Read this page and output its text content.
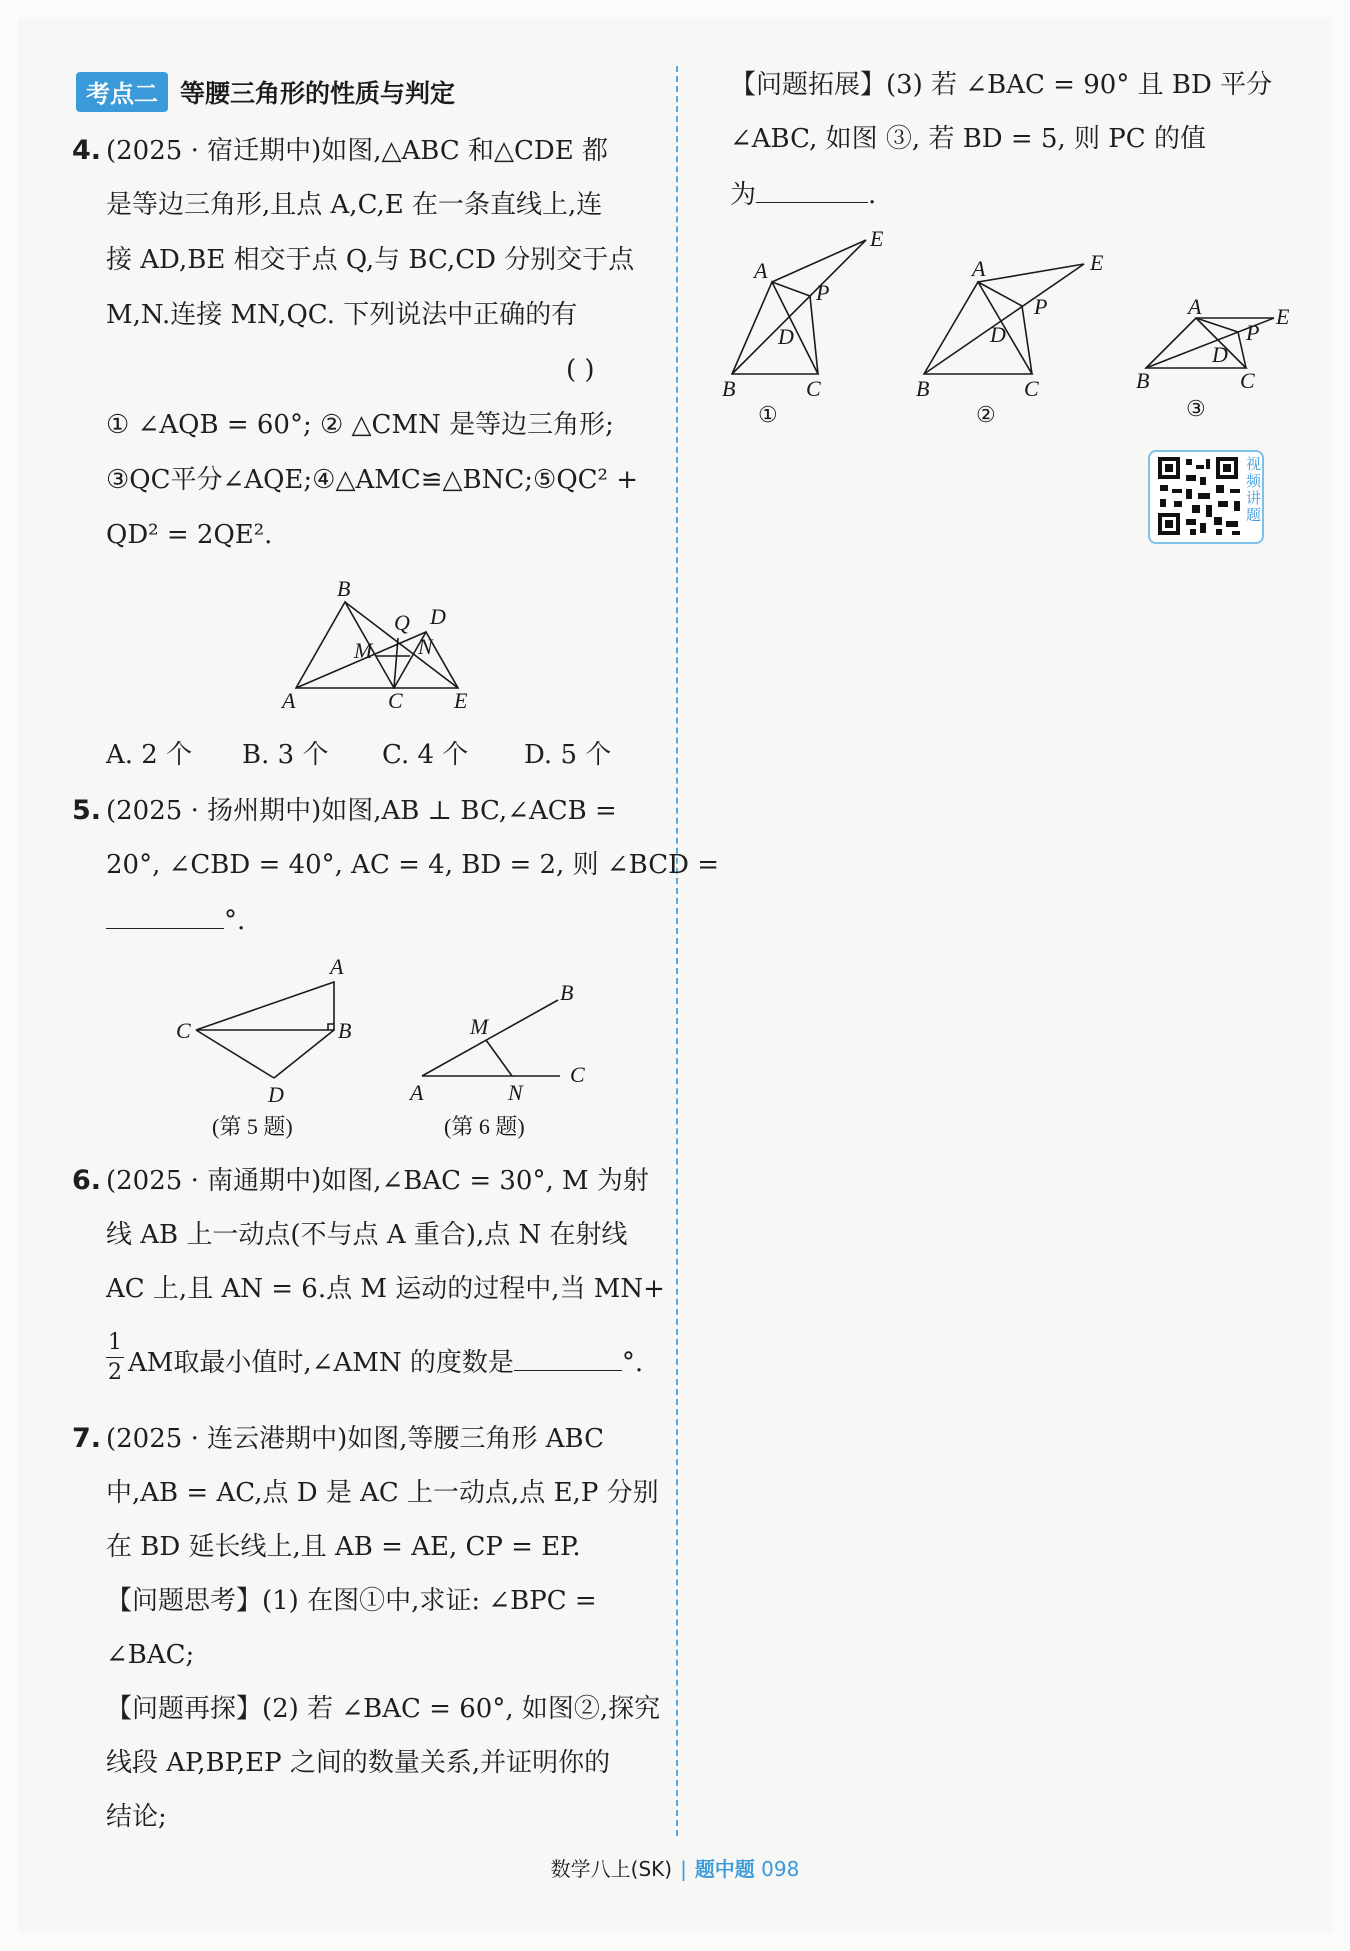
考点二 等腰三角形的性质与判定
4. (2025 · 宿迁期中)如图,△ABC 和△CDE 都
是等边三角形,且点 A,C,E 在一条直线上,连
接 AD,BE 相交于点 Q,与 BC,CD 分别交于点
M,N.连接 MN,QC. 下列说法中正确的有
( )
① ∠AQB = 60°; ② △CMN 是等边三角形;
③QC平分∠AQE;④△AMC≌△BNC;⑤QC² +
QD² = 2QE².
B
Q D
M N
A	C E
A. 2 个 B. 3 个 C. 4 个 D. 5 个
5. (2025 · 扬州期中)如图,AB ⊥ BC,∠ACB =
20°, ∠CBD = 40°, AC = 4, BD = 2, 则 ∠BCD =
°.
A
C	B
D
(第 5 题)
B
M
C
A	N
(第 6 题)
6. (2025 · 南通期中)如图,∠BAC = 30°, M 为射
线 AB 上一动点(不与点 A 重合),点 N 在射线
AC 上,且 AN = 6.点 M 运动的过程中,当 MN+
1
2 AM取最小值时,∠AMN 的度数是	°.
7. (2025 · 连云港期中)如图,等腰三角形 ABC
中,AB = AC,点 D 是 AC 上一动点,点 E,P 分别
在 BD 延长线上,且 AB = AE, CP = EP.
【问题思考】(1) 在图①中,求证: ∠BPC =
∠BAC;
【问题再探】(2) 若 ∠BAC = 60°, 如图②,探究
线段 AP,BP,EP 之间的数量关系,并证明你的
结论;
【问题拓展】(3) 若 ∠BAC = 90° 且 BD 平分
∠ABC, 如图 ③, 若 BD = 5, 则 PC 的值
为	.
A
E
P
D
B	C
①
A	E
P
D
B	C
②
A	E
P
D
B	C
③
视频讲题
数学八上(SK) | 题中题 098
